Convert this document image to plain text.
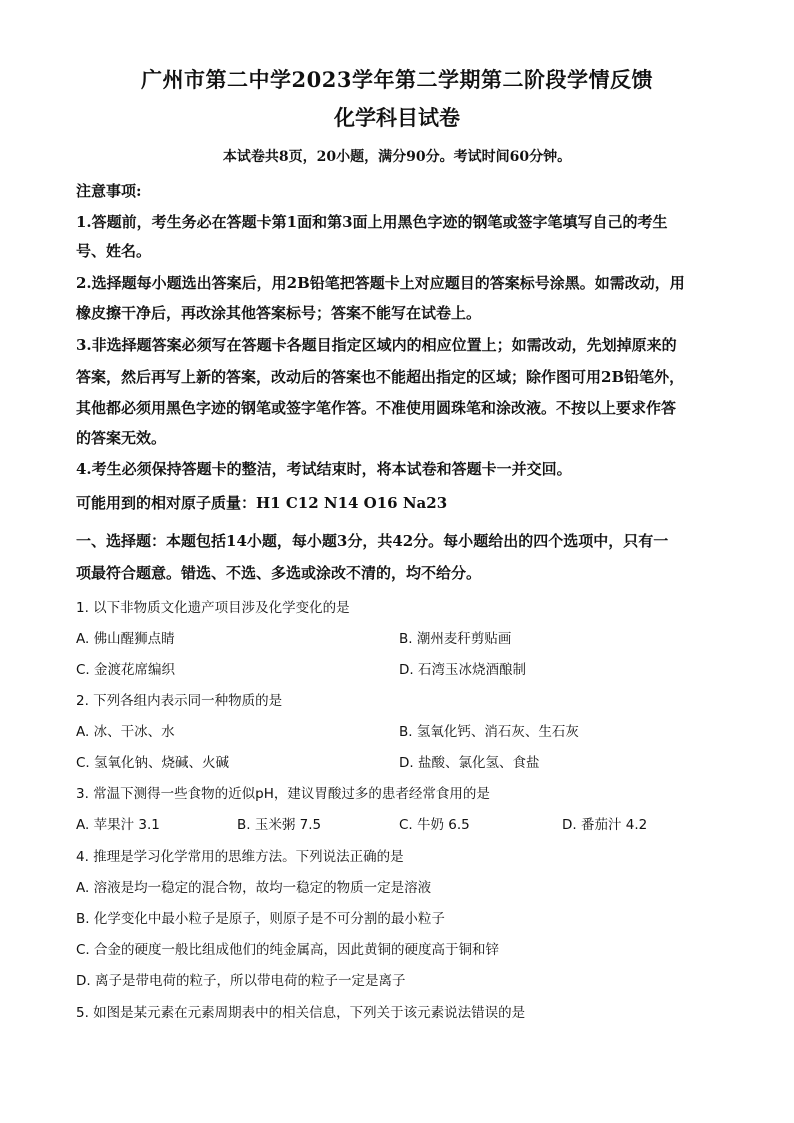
广州市第二中学2023学年第二学期第二阶段学情反馈
化学科目试卷
本试卷共8页，20小题，满分90分。考试时间60分钟。
注意事项:
1.答题前，考生务必在答题卡第1面和第3面上用黑色字迹的钢笔或签字笔填写自己的考生
号、姓名。
2.选择题每小题选出答案后，用2B铅笔把答题卡上对应题目的答案标号涂黑。如需改动，用
橡皮擦干净后，再改涂其他答案标号；答案不能写在试卷上。
3.非选择题答案必须写在答题卡各题目指定区域内的相应位置上；如需改动，先划掉原来的
答案，然后再写上新的答案，改动后的答案也不能超出指定的区域；除作图可用2B铅笔外，
其他都必须用黑色字迹的钢笔或签字笔作答。不准使用圆珠笔和涂改液。不按以上要求作答
的答案无效。
4.考生必须保持答题卡的整洁，考试结束时，将本试卷和答题卡一并交回。
可能用到的相对原子质量：H1 C12 N14 O16 Na23
一、选择题：本题包括14小题，每小题3分，共42分。每小题给出的四个选项中，只有一
项最符合题意。错选、不选、多选或涂改不清的，均不给分。
1. 以下非物质文化遗产项目涉及化学变化的是
A. 佛山醒狮点睛	B. 潮州麦秆剪贴画
C. 金渡花席编织	D. 石湾玉冰烧酒酿制
2. 下列各组内表示同一种物质的是
A. 冰、干冰、水	B. 氢氧化钙、消石灰、生石灰
C. 氢氧化钠、烧碱、火碱	D. 盐酸、氯化氢、食盐
3. 常温下测得一些食物的近似pH，建议胃酸过多的患者经常食用的是
A. 苹果汁 3.1	B. 玉米粥 7.5	C. 牛奶 6.5	D. 番茄汁 4.2
4. 推理是学习化学常用的思维方法。下列说法正确的是
A. 溶液是均一稳定的混合物，故均一稳定的物质一定是溶液
B. 化学变化中最小粒子是原子，则原子是不可分割的最小粒子
C. 合金的硬度一般比组成他们的纯金属高，因此黄铜的硬度高于铜和锌
D. 离子是带电荷的粒子，所以带电荷的粒子一定是离子
5. 如图是某元素在元素周期表中的相关信息，下列关于该元素说法错误的是
